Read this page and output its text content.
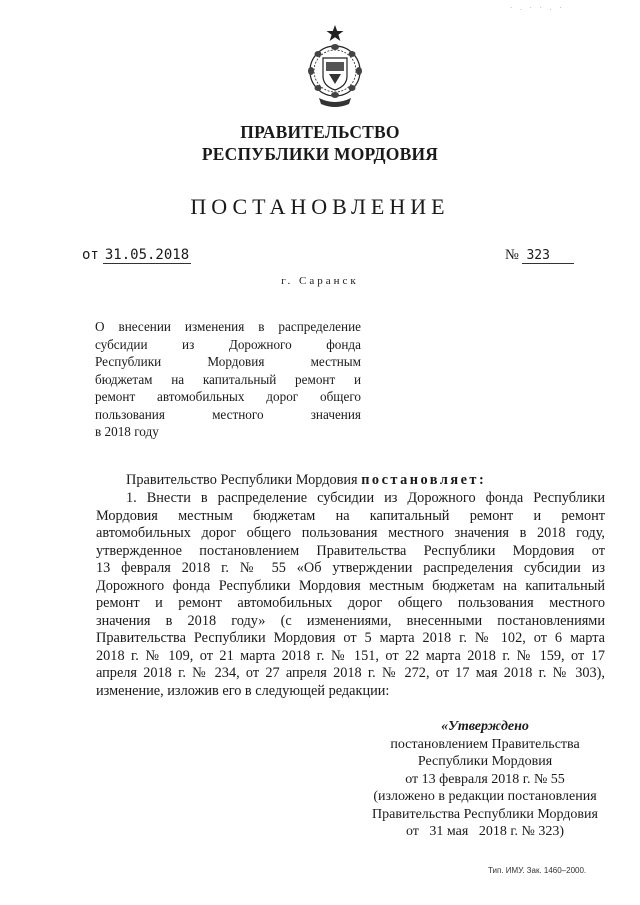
· . · · . ·
ПРАВИТЕЛЬСТВО
РЕСПУБЛИКИ МОРДОВИЯ
ПОСТАНОВЛЕНИЕ
от 31.05.2018	№ 323
г. Саранск
О внесении изменения в распределение
субсидии из Дорожного фонда
Республики Мордовия местным
бюджетам на капитальный ремонт и
ремонт автомобильных дорог общего
пользования местного значения
в 2018 году
Правительство Республики Мордовия постановляет:
1. Внести в распределение субсидии из Дорожного фонда Республики
Мордовия местным бюджетам на капитальный ремонт и ремонт
автомобильных дорог общего пользования местного значения в 2018 году,
утвержденное постановлением Правительства Республики Мордовия от
13 февраля 2018 г. № 55 «Об утверждении распределения субсидии из
Дорожного фонда Республики Мордовия местным бюджетам на капитальный
ремонт и ремонт автомобильных дорог общего пользования местного
значения в 2018 году» (с изменениями, внесенными постановлениями
Правительства Республики Мордовия от 5 марта 2018 г. № 102, от 6 марта
2018 г. № 109, от 21 марта 2018 г. № 151, от 22 марта 2018 г. № 159, от 17
апреля 2018 г. № 234, от 27 апреля 2018 г. № 272, от 17 мая 2018 г. № 303),
изменение, изложив его в следующей редакции:
«Утверждено
постановлением Правительства
Республики Мордовия
от 13 февраля 2018 г. № 55
(изложено в редакции постановления
Правительства Республики Мордовия
от   31 мая   2018 г. № 323)
Тип. ИМУ. Зак. 1460–2000.
